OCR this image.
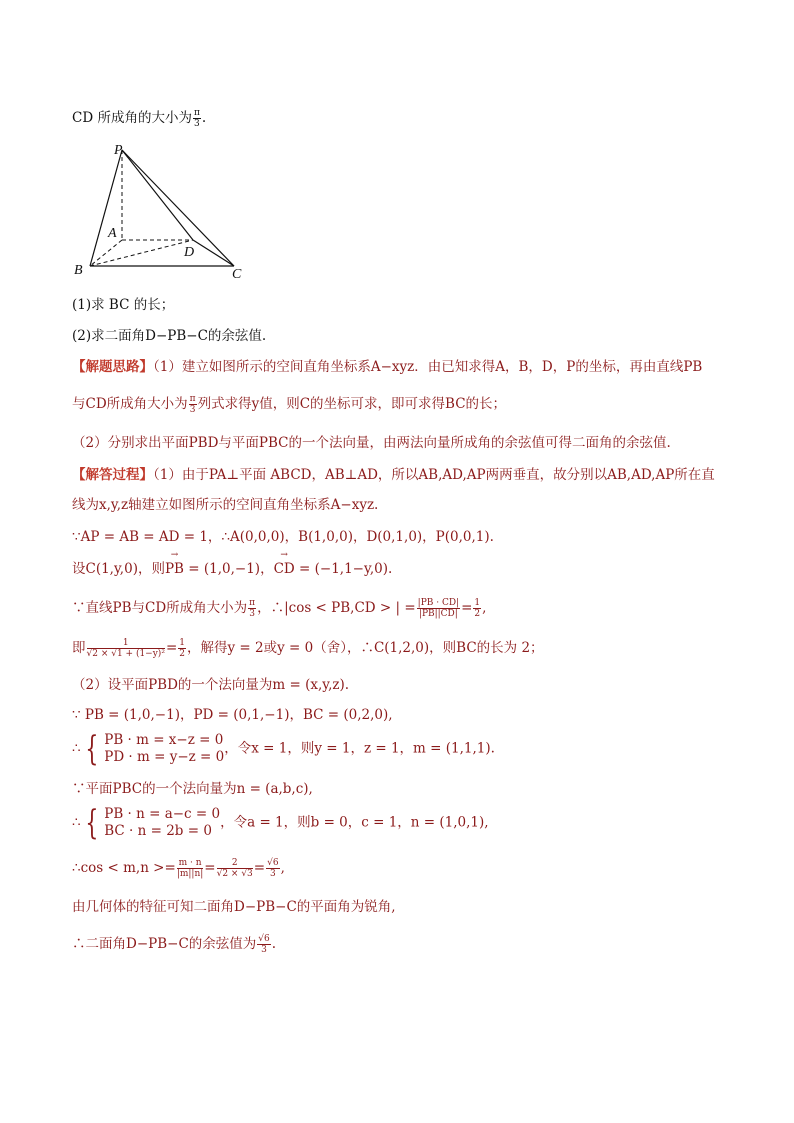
CD 所成角的大小为 $\frac{\pi}{3}$ .
P
A
D
B	C
(1)求 BC 的长；
(2)求二面角D−PB−C的余弦值.
【解题思路】（1）建立如图所示的空间直角坐标系A−xyz．由已知求得A，B，D，P的坐标，再由直线PB
与CD所成角大小为 $\frac{\pi}{3}$ 列式求得y值，则C的坐标可求，即可求得BC的长；
（2）分别求出平面PBD与平面PBC的一个法向量，由两法向量所成角的余弦值可得二面角的余弦值.
【解答过程】（1）由于PA⊥平面 ABCD，AB⊥AD，所以AB,AD,AP两两垂直，故分别以AB,AD,AP所在直
线为x,y,z轴建立如图所示的空间直角坐标系A−xyz.
∵AP = AB = AD = 1，∴A(0,0,0)，B(1,0,0)，D(0,1,0)，P(0,0,1).
设C(1,y,0)，则→ PB = (1,0,−1)，→ CD = (−1,1−y,0).
∵直线PB与CD所成角大小为 $\frac{\pi}{3}$ ，∴|cos < PB,CD > | = $\frac{|PB \cdot CD|}{|PB||CD|} = \frac{1}{2}$ ,
即 $\frac{1}{\text{√2 × √1 + (1−y)²}} = \frac{1}{2}$ ，解得y = 2或y = 0（舍），∴C(1,2,0)，则BC的长为 2；
（2）设平面PBD的一个法向量为m = (x,y,z).
∵ PB = (1,0,−1)，PD = (0,1,−1)，BC = (0,2,0),
∴ { PB · m = x−z = 0
PD · m = y−z = 0
，令x = 1，则y = 1，z = 1，m = (1,1,1).
∵平面PBC的一个法向量为n = (a,b,c),
∴ { PB · n = a−c = 0
BC · n = 2b = 0
，令a = 1，则b = 0，c = 1，n = (1,0,1),
∴cos < $m,n >= \frac{m \cdot n}{|m||n|} = \frac{2}{√2 \times √3} = \frac{√6}{3}$ ,
由几何体的特征可知二面角D−PB−C的平面角为锐角,
∴二面角D−PB−C的余弦值为 $\frac{√6}{3}$ .
